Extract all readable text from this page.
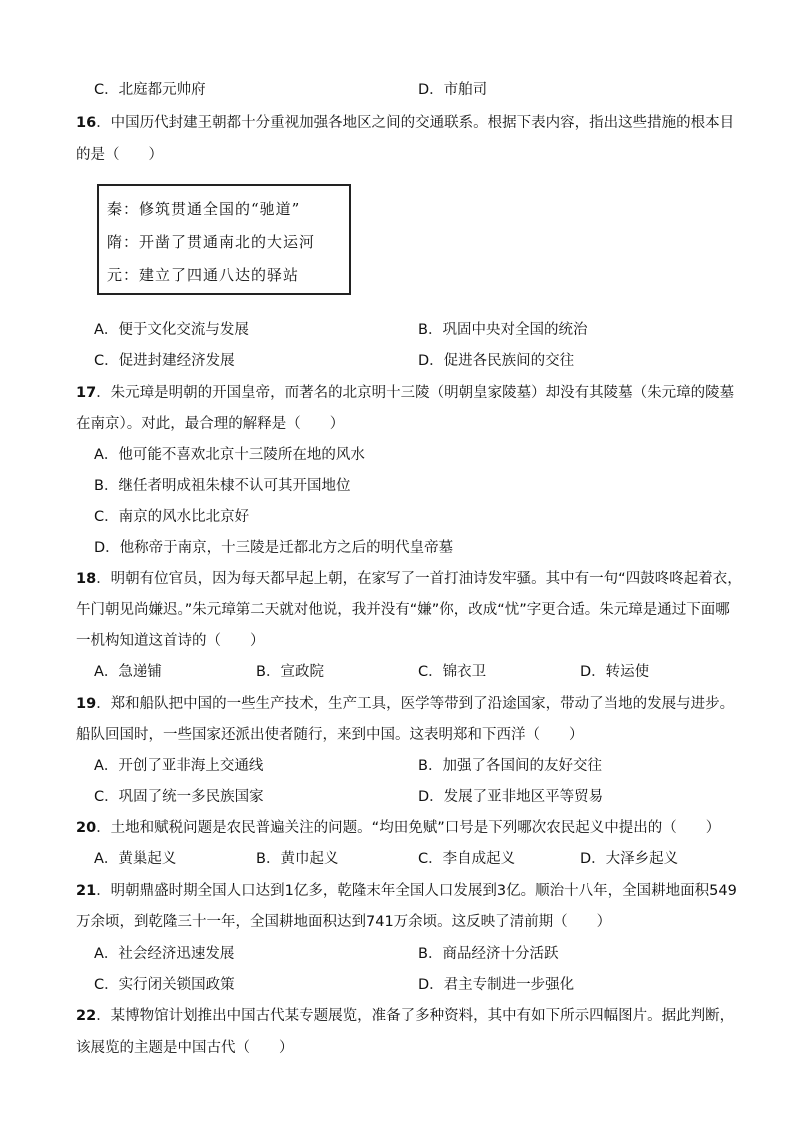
C．北庭都元帅府	D．市舶司
16．中国历代封建王朝都十分重视加强各地区之间的交通联系。根据下表内容，指出这些措施的根本目
的是（　　）
秦：修筑贯通全国的“驰道”
隋：开凿了贯通南北的大运河
元：建立了四通八达的驿站
A．便于文化交流与发展	B．巩固中央对全国的统治
C．促进封建经济发展	D．促进各民族间的交往
17．朱元璋是明朝的开国皇帝，而著名的北京明十三陵（明朝皇家陵墓）却没有其陵墓（朱元璋的陵墓
在南京）。对此，最合理的解释是（　　）
A．他可能不喜欢北京十三陵所在地的风水
B．继任者明成祖朱棣不认可其开国地位
C．南京的风水比北京好
D．他称帝于南京，十三陵是迁都北方之后的明代皇帝墓
18．明朝有位官员，因为每天都早起上朝，在家写了一首打油诗发牢骚。其中有一句“四鼓咚咚起着衣，
午门朝见尚嫌迟。”朱元璋第二天就对他说，我并没有“嫌”你，改成“忧”字更合适。朱元璋是通过下面哪
一机构知道这首诗的（　　）
A．急递铺	B．宣政院	C．锦衣卫	D．转运使
19．郑和船队把中国的一些生产技术，生产工具，医学等带到了沿途国家，带动了当地的发展与进步。
船队回国时，一些国家还派出使者随行，来到中国。这表明郑和下西洋（　　）
A．开创了亚非海上交通线	B．加强了各国间的友好交往
C．巩固了统一多民族国家	D．发展了亚非地区平等贸易
20．土地和赋税问题是农民普遍关注的问题。“均田免赋”口号是下列哪次农民起义中提出的（　　）
A．黄巢起义	B．黄巾起义	C．李自成起义	D．大泽乡起义
21．明朝鼎盛时期全国人口达到1亿多，乾隆末年全国人口发展到3亿。顺治十八年，全国耕地面积549
万余顷，到乾隆三十一年，全国耕地面积达到741万余顷。这反映了清前期（　　）
A．社会经济迅速发展	B．商品经济十分活跃
C．实行闭关锁国政策	D．君主专制进一步强化
22．某博物馆计划推出中国古代某专题展览，准备了多种资料，其中有如下所示四幅图片。据此判断，
该展览的主题是中国古代（　　）
